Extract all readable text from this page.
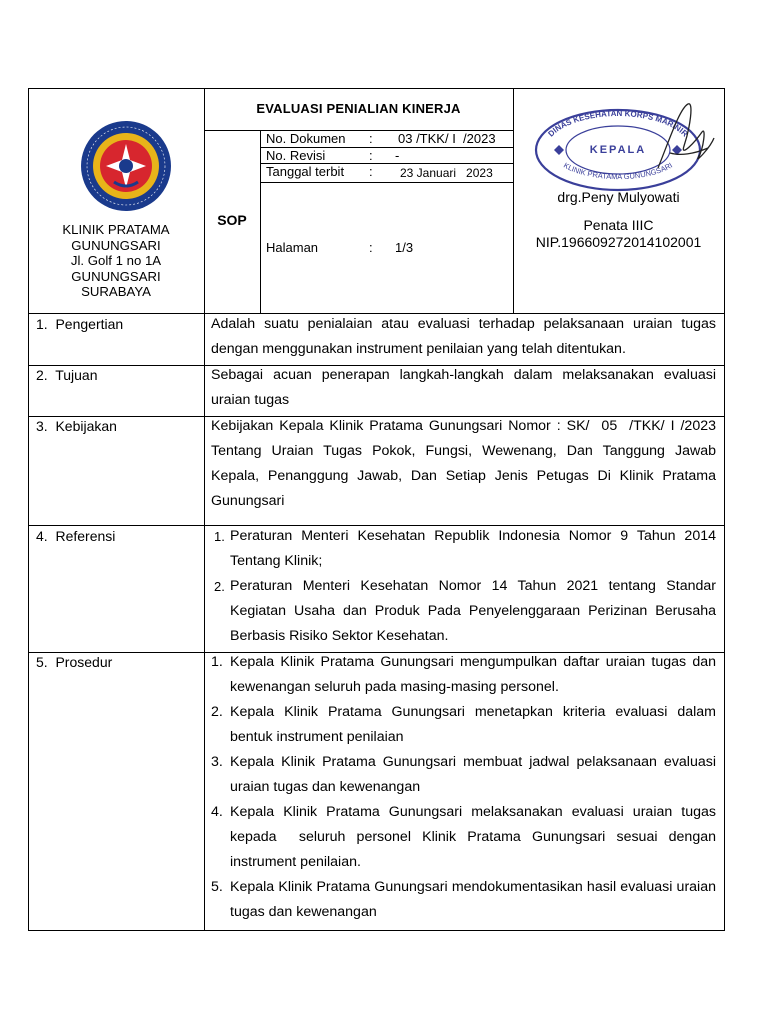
KLINIK PRATAMA
GUNUNGSARI
Jl. Golf 1 no 1A
GUNUNGSARI
SURABAYA
EVALUASI PENIALIAN KINERJA
SOP
No. Dokumen : 03 /TKK/ I  /2023
No. Revisi	: -
Tanggal terbit : 23 Januari   2023
Halaman	: 1/3
DINAS KESEHATAN KORPS MARINIR
KLINIK PRATAMA GUNUNGSARI
KEPALA
drg.Peny Mulyowati
Penata IIIC
NIP.196609272014102001
1.  Pengertian	Adalah suatu penialaian atau evaluasi terhadap pelaksanaan uraian tugas dengan menggunakan instrument penilaian yang telah ditentukan.
2.  Tujuan	Sebagai acuan penerapan langkah-langkah dalam melaksanakan evaluasi uraian tugas
3.  Kebijakan	Kebijakan Kepala Klinik Pratama Gunungsari Nomor : SK/  05  /TKK/ I /2023 Tentang Uraian Tugas Pokok, Fungsi, Wewenang, Dan Tanggung Jawab Kepala, Penanggung Jawab, Dan Setiap Jenis Petugas Di Klinik Pratama Gunungsari
4.  Referensi	1. Peraturan Menteri Kesehatan Republik Indonesia Nomor 9 Tahun 2014 Tentang Klinik;
2. Peraturan Menteri Kesehatan Nomor 14 Tahun 2021 tentang Standar Kegiatan Usaha dan Produk Pada Penyelenggaraan Perizinan Berusaha Berbasis Risiko Sektor Kesehatan.
5.  Prosedur	1. Kepala Klinik Pratama Gunungsari mengumpulkan daftar uraian tugas dan kewenangan seluruh pada masing-masing personel.
2. Kepala Klinik Pratama Gunungsari menetapkan kriteria evaluasi dalam bentuk instrument penilaian
3. Kepala Klinik Pratama Gunungsari membuat jadwal pelaksanaan evaluasi uraian tugas dan kewenangan
4. Kepala Klinik Pratama Gunungsari melaksanakan evaluasi uraian tugas kepada  seluruh personel Klinik Pratama Gunungsari sesuai dengan instrument penilaian.
5. Kepala Klinik Pratama Gunungsari mendokumentasikan hasil evaluasi uraian tugas dan kewenangan
